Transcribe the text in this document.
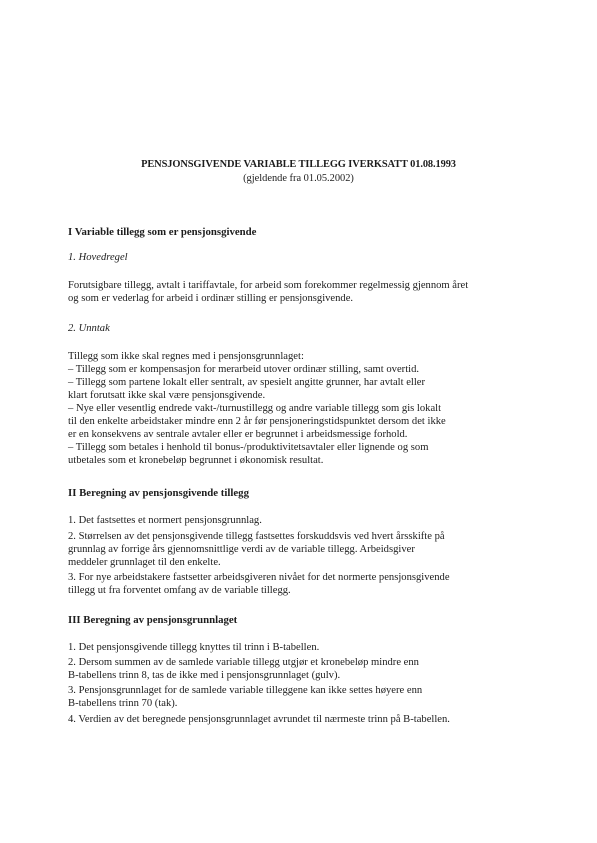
PENSJONSGIVENDE VARIABLE TILLEGG IVERKSATT 01.08.1993
(gjeldende fra 01.05.2002)
I Variable tillegg som er pensjonsgivende
1. Hovedregel
Forutsigbare tillegg, avtalt i tariffavtale, for arbeid som forekommer regelmessig gjennom året
og som er vederlag for arbeid i ordinær stilling er pensjonsgivende.
2. Unntak
Tillegg som ikke skal regnes med i pensjonsgrunnlaget:
– Tillegg som er kompensasjon for merarbeid utover ordinær stilling, samt overtid.
– Tillegg som partene lokalt eller sentralt, av spesielt angitte grunner, har avtalt eller
klart forutsatt ikke skal være pensjonsgivende.
– Nye eller vesentlig endrede vakt-/turnustillegg og andre variable tillegg som gis lokalt
til den enkelte arbeidstaker mindre enn 2 år før pensjoneringstidspunktet dersom det ikke
er en konsekvens av sentrale avtaler eller er begrunnet i arbeidsmessige forhold.
– Tillegg som betales i henhold til bonus-/produktivitetsavtaler eller lignende og som
utbetales som et kronebeløp begrunnet i økonomisk resultat.
II Beregning av pensjonsgivende tillegg
1. Det fastsettes et normert pensjonsgrunnlag.
2. Størrelsen av det pensjonsgivende tillegg fastsettes forskuddsvis ved hvert årsskifte på
grunnlag av forrige års gjennomsnittlige verdi av de variable tillegg. Arbeidsgiver
meddeler grunnlaget til den enkelte.
3. For nye arbeidstakere fastsetter arbeidsgiveren nivået for det normerte pensjonsgivende
tillegg ut fra forventet omfang av de variable tillegg.
III Beregning av pensjonsgrunnlaget
1. Det pensjonsgivende tillegg knyttes til trinn i B-tabellen.
2. Dersom summen av de samlede variable tillegg utgjør et kronebeløp mindre enn
B-tabellens trinn 8, tas de ikke med i pensjonsgrunnlaget (gulv).
3. Pensjonsgrunnlaget for de samlede variable tilleggene kan ikke settes høyere enn
B-tabellens trinn 70 (tak).
4. Verdien av det beregnede pensjonsgrunnlaget avrundet til nærmeste trinn på B-tabellen.
